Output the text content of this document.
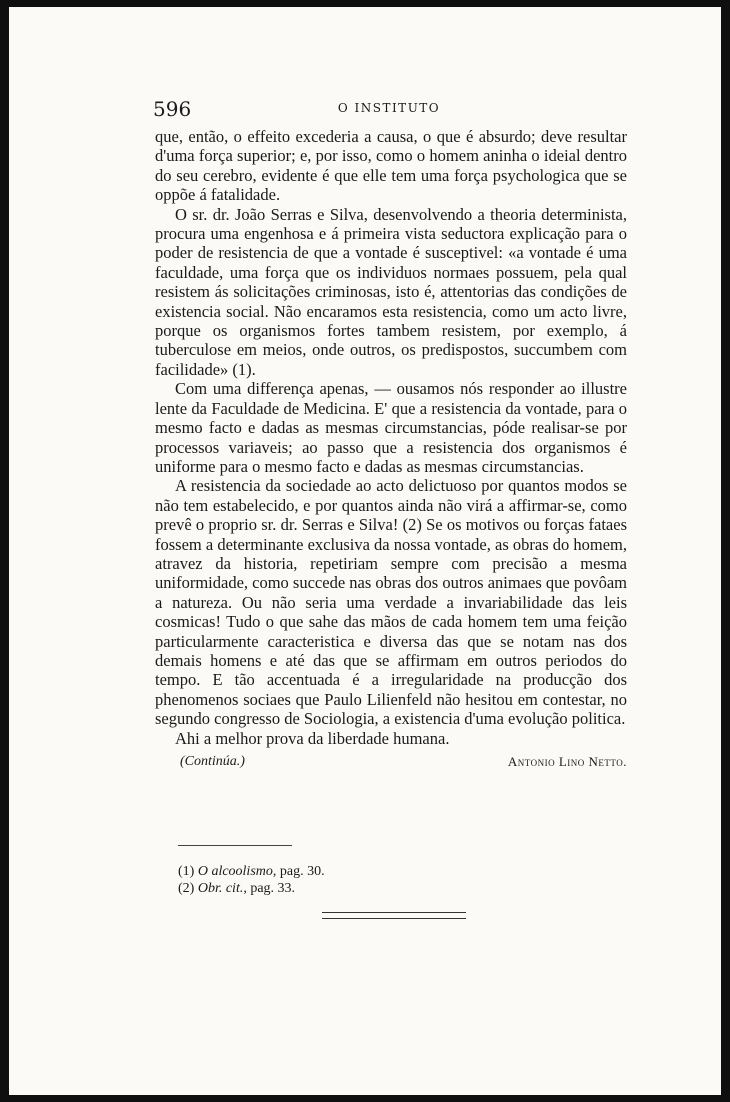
596	O INSTITUTO

que, então, o effeito excederia a causa, o que é absurdo; deve resultar d'uma força superior; e, por isso, como o homem aninha o ideial dentro do seu cerebro, evidente é que elle tem uma força psychologica que se oppõe á fatalidade.

O sr. dr. João Serras e Silva, desenvolvendo a theoria determinista, procura uma engenhosa e á primeira vista seductora explicação para o poder de resistencia de que a vontade é susceptivel: «a vontade é uma faculdade, uma força que os individuos normaes possuem, pela qual resistem ás solicitações criminosas, isto é, attentorias das condições de existencia social. Não encaramos esta resistencia, como um acto livre, porque os organismos fortes tambem resistem, por exemplo, á tuberculose em meios, onde outros, os predispostos, succumbem com facilidade» (1).

Com uma differença apenas, — ousamos nós responder ao illustre lente da Faculdade de Medicina. E' que a resistencia da vontade, para o mesmo facto e dadas as mesmas circumstancias, póde realisar-se por processos variaveis; ao passo que a resistencia dos organismos é uniforme para o mesmo facto e dadas as mesmas circumstancias.

A resistencia da sociedade ao acto delictuoso por quantos modos se não tem estabelecido, e por quantos ainda não virá a affirmar-se, como prevê o proprio sr. dr. Serras e Silva! (2) Se os motivos ou forças fataes fossem a determinante exclusiva da nossa vontade, as obras do homem, atravez da historia, repetiriam sempre com precisão a mesma uniformidade, como succede nas obras dos outros animaes que povôam a natureza. Ou não seria uma verdade a invariabilidade das leis cosmicas! Tudo o que sahe das mãos de cada homem tem uma feição particularmente caracteristica e diversa das que se notam nas dos demais homens e até das que se affirmam em outros periodos do tempo. E tão accentuada é a irregularidade na producção dos phenomenos sociaes que Paulo Lilienfeld não hesitou em contestar, no segundo congresso de Sociologia, a existencia d'uma evolução politica.

Ahi a melhor prova da liberdade humana.

(Continúa.)	Antonio Lino Netto.
(1) O alcoolismo, pag. 30.
(2) Obr. cit., pag. 33.
